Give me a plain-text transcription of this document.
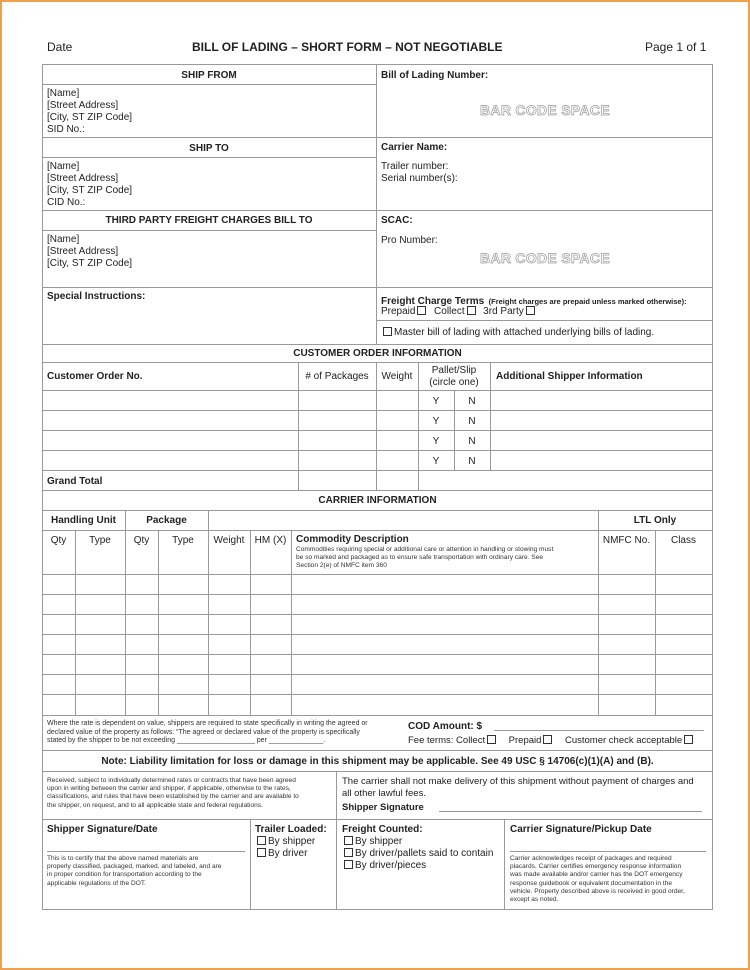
Date	BILL OF LADING – SHORT FORM – NOT NEGOTIABLE	Page 1 of 1
SHIP FROM
[Name]
[Street Address]
[City, ST ZIP Code]
SID No.:
SHIP TO
[Name]
[Street Address]
[City, ST ZIP Code]
CID No.:
THIRD PARTY FREIGHT CHARGES BILL TO
[Name]
[Street Address]
[City, ST ZIP Code]
Special Instructions:
Bill of Lading Number:
BAR CODE SPACE
Carrier Name:
Trailer number:
Serial number(s):
SCAC:
Pro Number:
BAR CODE SPACE
Freight Charge Terms (Freight charges are prepaid unless marked otherwise):
Prepaid Collect 3rd Party
Master bill of lading with attached underlying bills of lading.
CUSTOMER ORDER INFORMATION
Customer Order No.	# of Packages	Weight
Pallet/Slip
(circle one)
Additional Shipper Information
Y	N
Y	N
Y	N
Y	N
Grand Total
CARRIER INFORMATION
Handling Unit	Package	LTL Only
Qty	Type	Qty	Type	Weight	HM (X) Commodity Description
Commodities requiring special or additional care or attention in handling or stowing must
be so marked and packaged as to ensure safe transportation with ordinary care. See
Section 2(e) of NMFC item 360
NMFC No.	Class
Where the rate is dependent on value, shippers are required to state specifically in writing the agreed or
declared value of the property as follows: “The agreed or declared value of the property is specifically
stated by the shipper to be not exceeding ____________________ per ______________.
COD Amount: $
Fee terms: Collect Prepaid Customer check acceptable
Note: Liability limitation for loss or damage in this shipment may be applicable. See 49 USC § 14706(c)(1)(A) and (B).
Received, subject to individually determined rates or contracts that have been agreed
upon in writing between the carrier and shipper, if applicable, otherwise to the rates,
classifications, and rules that have been established by the carrier and are available to
the shipper, on request, and to all applicable state and federal regulations.
The carrier shall not make delivery of this shipment without payment of charges and
all other lawful fees.
Shipper Signature
Shipper Signature/Date
This is to certify that the above named materials are
properly classified, packaged, marked, and labeled, and are
in proper condition for transportation according to the
applicable regulations of the DOT.
Trailer Loaded:
By shipper
By driver
Freight Counted:
By shipper
By driver/pallets said to contain
By driver/pieces
Carrier Signature/Pickup Date
Carrier acknowledges receipt of packages and required
placards. Carrier certifies emergency response information
was made available and/or carrier has the DOT emergency
response guidebook or equivalent documentation in the
vehicle. Property described above is received in good order,
except as noted.
